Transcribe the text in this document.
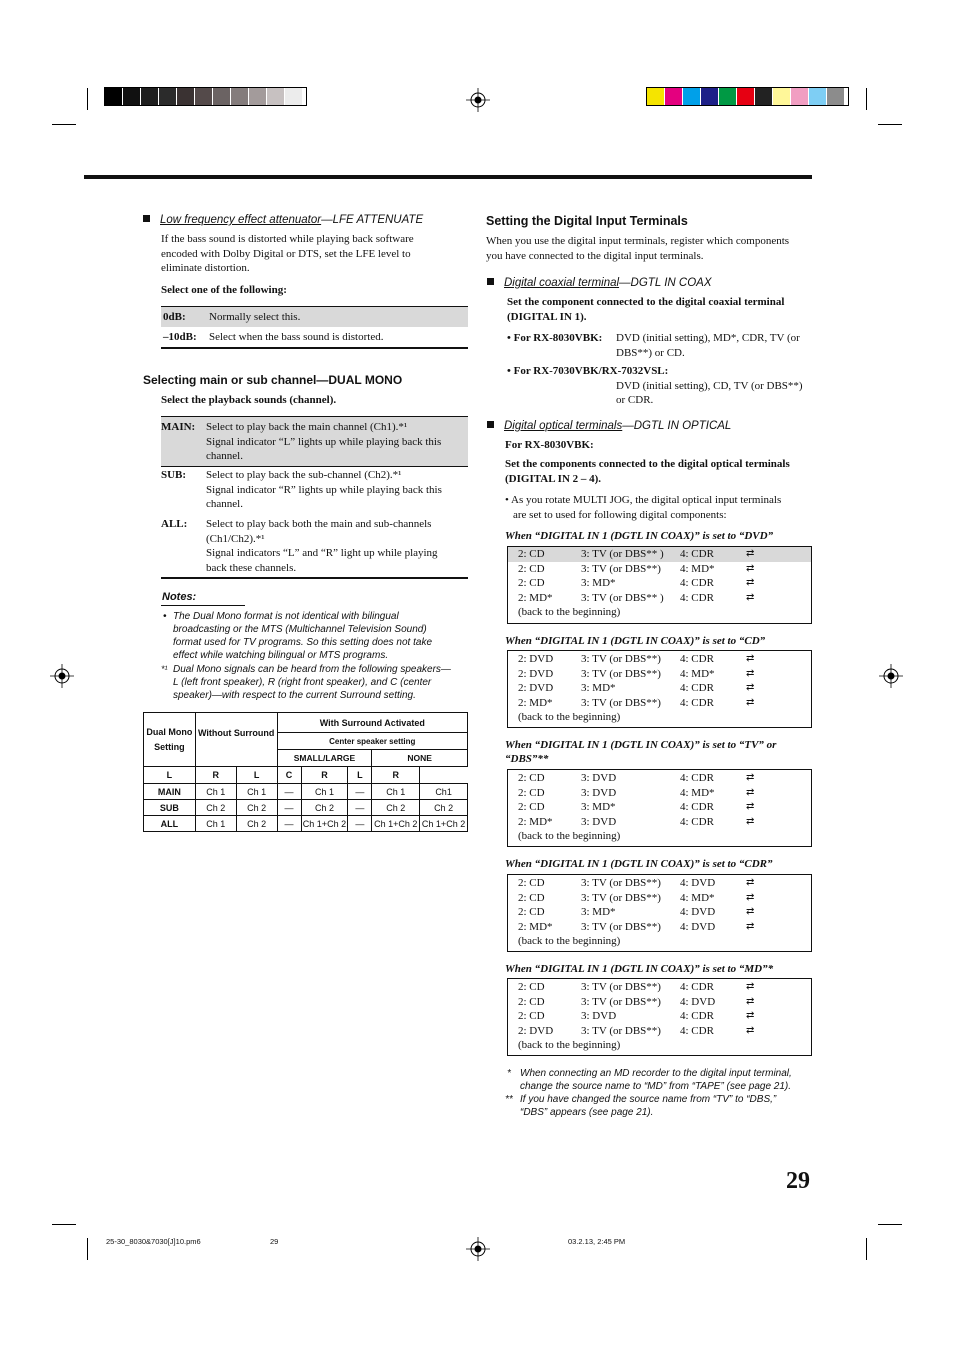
Low frequency effect attenuator—LFE ATTENUATE
If the bass sound is distorted while playing back software
encoded with Dolby Digital or DTS, set the LFE level to
eliminate distortion.
Select one of the following:
0dB: Normally select this.
–10dB: Select when the bass sound is distorted.
Selecting main or sub channel—DUAL MONO
Select the playback sounds (channel).
MAIN: Select to play back the main channel (Ch1).*¹
Signal indicator “L” lights up while playing back this
channel.
SUB: Select to play back the sub-channel (Ch2).*¹
Signal indicator “R” lights up while playing back this
channel.
ALL: Select to play back both the main and sub-channels
(Ch1/Ch2).*¹
Signal indicators “L” and “R” light up while playing
back these channels.
Notes:
• The Dual Mono format is not identical with bilingual
broadcasting or the MTS (Multichannel Television Sound)
format used for TV programs. So this setting does not take
effect while watching bilingual or MTS programs.
*¹ Dual Mono signals can be heard from the following speakers—
L (left front speaker), R (right front speaker), and C (center
speaker)—with respect to the current Surround setting.
Dual Mono
Setting	Without Surround		With Surround Activated				
			Center speaker setting				
			SMALL/LARGE			NONE	

L	R	L	C	R	L	R	
MAIN	Ch 1	Ch 1	—	Ch 1	—	Ch 1	Ch1
SUB	Ch 2	Ch 2	—	Ch 2	—	Ch 2	Ch 2
ALL	Ch 1	Ch 2	—	Ch 1+Ch 2	—	Ch 1+Ch 2	Ch 1+Ch 2
Setting the Digital Input Terminals
When you use the digital input terminals, register which components
you have connected to the digital input terminals.
Digital coaxial terminal—DGTL IN COAX
Set the component connected to the digital coaxial terminal
(DIGITAL IN 1).
• For RX-8030VBK: DVD (initial setting), MD*, CDR, TV (or
DBS**) or CD.
• For RX-7030VBK/RX-7032VSL:
DVD (initial setting), CD, TV (or DBS**)
or CDR.
Digital optical terminals—DGTL IN OPTICAL
For RX-8030VBK:
Set the components connected to the digital optical terminals
(DIGITAL IN 2 – 4).
• As you rotate MULTI JOG, the digital optical input terminals
are set to used for following digital components:
When “DIGITAL IN 1 (DGTL IN COAX)” is set to “DVD”
2: CD	3: TV (or DBS** ) 4: CDR	⇄
2: CD	3: TV (or DBS**) 4: MD*	⇄
2: CD	3: MD*	4: CDR	⇄
2: MD*	3: TV (or DBS** ) 4: CDR	⇄
(back to the beginning)
When “DIGITAL IN 1 (DGTL IN COAX)” is set to “CD”
2: DVD	3: TV (or DBS**) 4: CDR	⇄
2: DVD	3: TV (or DBS**) 4: MD*	⇄
2: DVD	3: MD*	4: CDR	⇄
2: MD*	3: TV (or DBS**) 4: CDR	⇄
(back to the beginning)
When “DIGITAL IN 1 (DGTL IN COAX)” is set to “TV” or
“DBS”**
2: CD	3: DVD	4: CDR	⇄
2: CD	3: DVD	4: MD*	⇄
2: CD	3: MD*	4: CDR	⇄
2: MD*	3: DVD	4: CDR	⇄
(back to the beginning)
When “DIGITAL IN 1 (DGTL IN COAX)” is set to “CDR”
2: CD	3: TV (or DBS**) 4: DVD	⇄
2: CD	3: TV (or DBS**) 4: MD*	⇄
2: CD	3: MD*	4: DVD	⇄
2: MD*	3: TV (or DBS**) 4: DVD	⇄
(back to the beginning)
When “DIGITAL IN 1 (DGTL IN COAX)” is set to “MD”*
2: CD	3: TV (or DBS**) 4: CDR	⇄
2: CD	3: TV (or DBS**) 4: DVD	⇄
2: CD	3: DVD	4: CDR	⇄
2: DVD	3: TV (or DBS**) 4: CDR	⇄
(back to the beginning)
* When connecting an MD recorder to the digital input terminal,
change the source name to “MD” from “TAPE” (see page 21).
** If you have changed the source name from “TV” to “DBS,”
“DBS” appears (see page 21).
29
25-30_8030&7030[J]10.pm6	29	03.2.13, 2:45 PM
